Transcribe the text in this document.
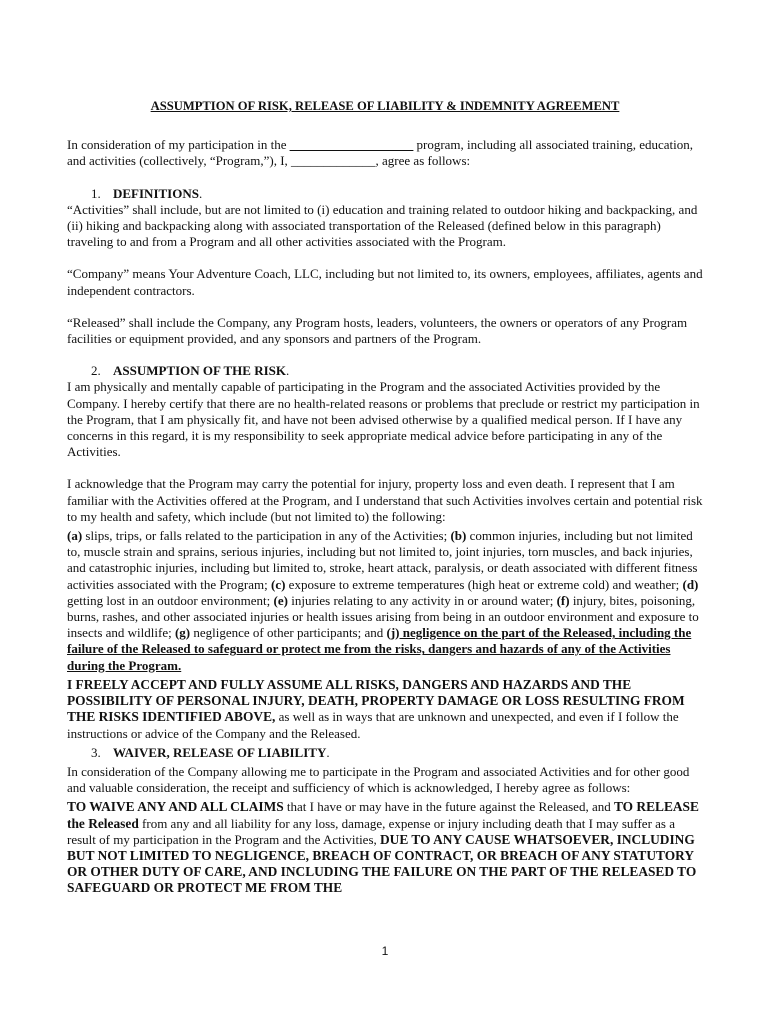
ASSUMPTION OF RISK, RELEASE OF LIABILITY & INDEMNITY AGREEMENT

In consideration of my participation in the ___________________ program, including all associated training, education, and activities (collectively, “Program,”), I, _____________, agree as follows:

1. DEFINITIONS.

“Activities” shall include, but are not limited to (i) education and training related to outdoor hiking and backpacking, and (ii) hiking and backpacking along with associated transportation of the Released (defined below in this paragraph) traveling to and from a Program and all other activities associated with the Program.

“Company” means Your Adventure Coach, LLC, including but not limited to, its owners, employees, affiliates, agents and independent contractors.

“Released” shall include the Company, any Program hosts, leaders, volunteers, the owners or operators of any Program facilities or equipment provided, and any sponsors and partners of the Program.

2. ASSUMPTION OF THE RISK.

I am physically and mentally capable of participating in the Program and the associated Activities provided by the Company. I hereby certify that there are no health-related reasons or problems that preclude or restrict my participation in the Program, that I am physically fit, and have not been advised otherwise by a qualified medical person. If I have any concerns in this regard, it is my responsibility to seek appropriate medical advice before participating in any of the Activities.

I acknowledge that the Program may carry the potential for injury, property loss and even death. I represent that I am familiar with the Activities offered at the Program, and I understand that such Activities involves certain and potential risk to my health and safety, which include (but not limited to) the following:

(a) slips, trips, or falls related to the participation in any of the Activities; (b) common injuries, including but not limited to, muscle strain and sprains, serious injuries, including but not limited to, joint injuries, torn muscles, and back injuries, and catastrophic injuries, including but limited to, stroke, heart attack, paralysis, or death associated with different fitness activities associated with the Program; (c) exposure to extreme temperatures (high heat or extreme cold) and weather; (d) getting lost in an outdoor environment; (e) injuries relating to any activity in or around water; (f) injury, bites, poisoning, burns, rashes, and other associated injuries or health issues arising from being in an outdoor environment and exposure to insects and wildlife; (g) negligence of other participants; and (j) negligence on the part of the Released, including the failure of the Released to safeguard or protect me from the risks, dangers and hazards of any of the Activities during the Program.

I FREELY ACCEPT AND FULLY ASSUME ALL RISKS, DANGERS AND HAZARDS AND THE POSSIBILITY OF PERSONAL INJURY, DEATH, PROPERTY DAMAGE OR LOSS RESULTING FROM THE RISKS IDENTIFIED ABOVE, as well as in ways that are unknown and unexpected, and even if I follow the instructions or advice of the Company and the Released.

3. WAIVER, RELEASE OF LIABILITY.

In consideration of the Company allowing me to participate in the Program and associated Activities and for other good and valuable consideration, the receipt and sufficiency of which is acknowledged, I hereby agree as follows:

TO WAIVE ANY AND ALL CLAIMS that I have or may have in the future against the Released, and TO RELEASE the Released from any and all liability for any loss, damage, expense or injury including death that I may suffer as a result of my participation in the Program and the Activities, DUE TO ANY CAUSE WHATSOEVER, INCLUDING BUT NOT LIMITED TO NEGLIGENCE, BREACH OF CONTRACT, OR BREACH OF ANY STATUTORY OR OTHER DUTY OF CARE, AND INCLUDING THE FAILURE ON THE PART OF THE RELEASED TO SAFEGUARD OR PROTECT ME FROM THE

1
